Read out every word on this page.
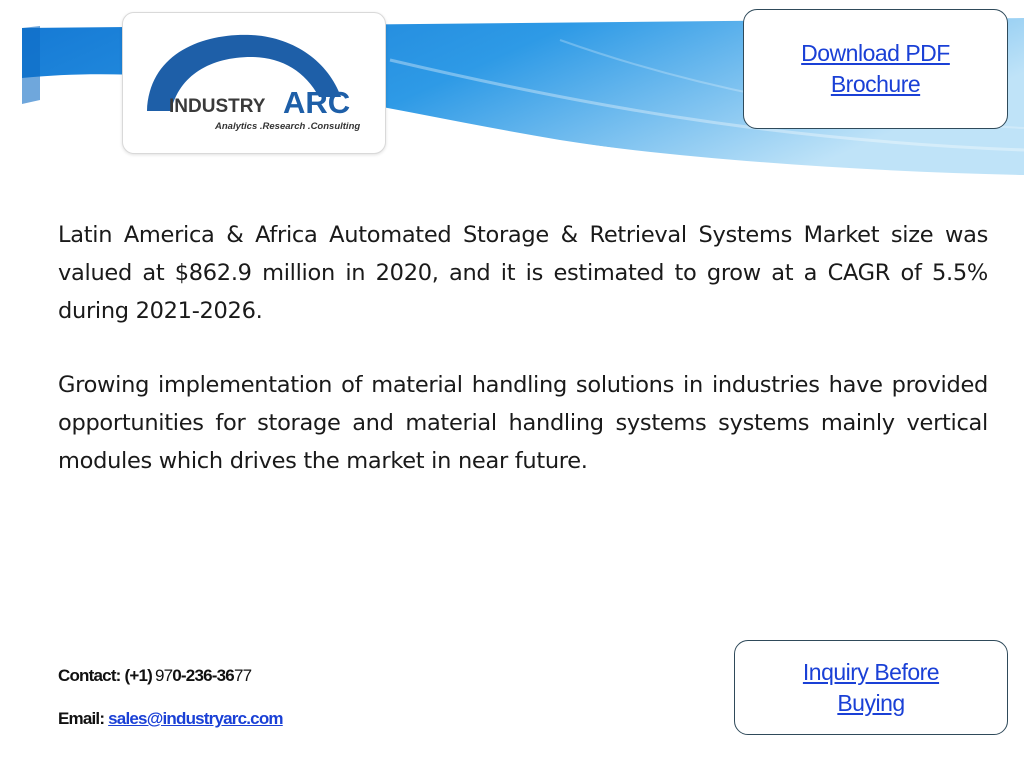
INDUSTRY ARC
Analytics .Research .Consulting
Download PDF
Brochure

Latin America & Africa Automated Storage & Retrieval Systems Market size was valued at $862.9 million in 2020, and it is estimated to grow at a CAGR of 5.5% during 2021-2026.

Growing implementation of material handling solutions in industries have provided opportunities for storage and material handling systems systems mainly vertical modules which drives the market in near future.

Contact: (+1) 970-236-3677
Email: sales@industryarc.com
Inquiry Before
Buying
